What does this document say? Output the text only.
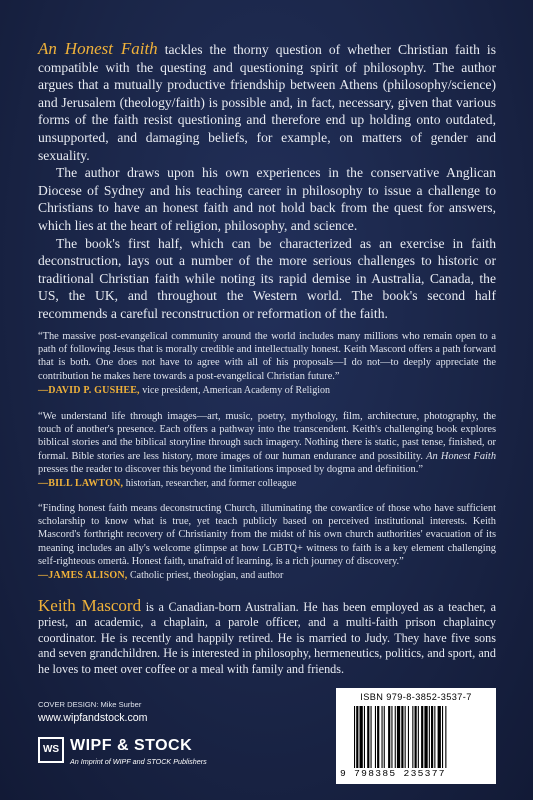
An Honest Faith tackles the thorny question of whether Christian faith is compatible with the questing and questioning spirit of philosophy. The author argues that a mutually productive friendship between Athens (philosophy/science) and Jerusalem (theology/faith) is possible and, in fact, necessary, given that various forms of the faith resist questioning and therefore end up holding onto outdated, unsupported, and damaging beliefs, for example, on matters of gender and sexuality.

The author draws upon his own experiences in the conservative Anglican Diocese of Sydney and his teaching career in philosophy to issue a challenge to Christians to have an honest faith and not hold back from the quest for answers, which lies at the heart of religion, philosophy, and science.

The book's first half, which can be characterized as an exercise in faith deconstruction, lays out a number of the more serious challenges to historic or traditional Christian faith while noting its rapid demise in Australia, Canada, the US, the UK, and throughout the Western world. The book's second half recommends a careful reconstruction or reformation of the faith.

“The massive post-evangelical community around the world includes many millions who remain open to a path of following Jesus that is morally credible and intellectually honest. Keith Mascord offers a path forward that is both. One does not have to agree with all of his proposals—I do not—to deeply appreciate the contribution he makes here towards a post-evangelical Christian future.”

—DAVID P. GUSHEE, vice president, American Academy of Religion

“We understand life through images—art, music, poetry, mythology, film, architecture, photography, the touch of another's presence. Each offers a pathway into the transcendent. Keith's challenging book explores biblical stories and the biblical storyline through such imagery. Nothing there is static, past tense, finished, or formal. Bible stories are less history, more images of our human endurance and possibility. An Honest Faith presses the reader to discover this beyond the limitations imposed by dogma and definition.”

—BILL LAWTON, historian, researcher, and former colleague

“Finding honest faith means deconstructing Church, illuminating the cowardice of those who have sufficient scholarship to know what is true, yet teach publicly based on perceived institutional interests. Keith Mascord's forthright recovery of Christianity from the midst of his own church authorities' evacuation of its meaning includes an ally's welcome glimpse at how LGBTQ+ witness to faith is a key element challenging self-righteous omertà. Honest faith, unafraid of learning, is a rich journey of discovery.”

—JAMES ALISON, Catholic priest, theologian, and author

Keith Mascord is a Canadian-born Australian. He has been employed as a teacher, a priest, an academic, a chaplain, a parole officer, and a multi-faith prison chaplaincy coordinator. He is recently and happily retired. He is married to Judy. They have five sons and seven grandchildren. He is interested in philosophy, hermeneutics, politics, and sport, and he loves to meet over coffee or a meal with family and friends.
COVER DESIGN: Mike Surber
www.wipfandstock.com
WS WIPF & STOCK
An Imprint of WIPF and STOCK Publishers
ISBN 979-8-3852-3537-7
9 798385 235377
